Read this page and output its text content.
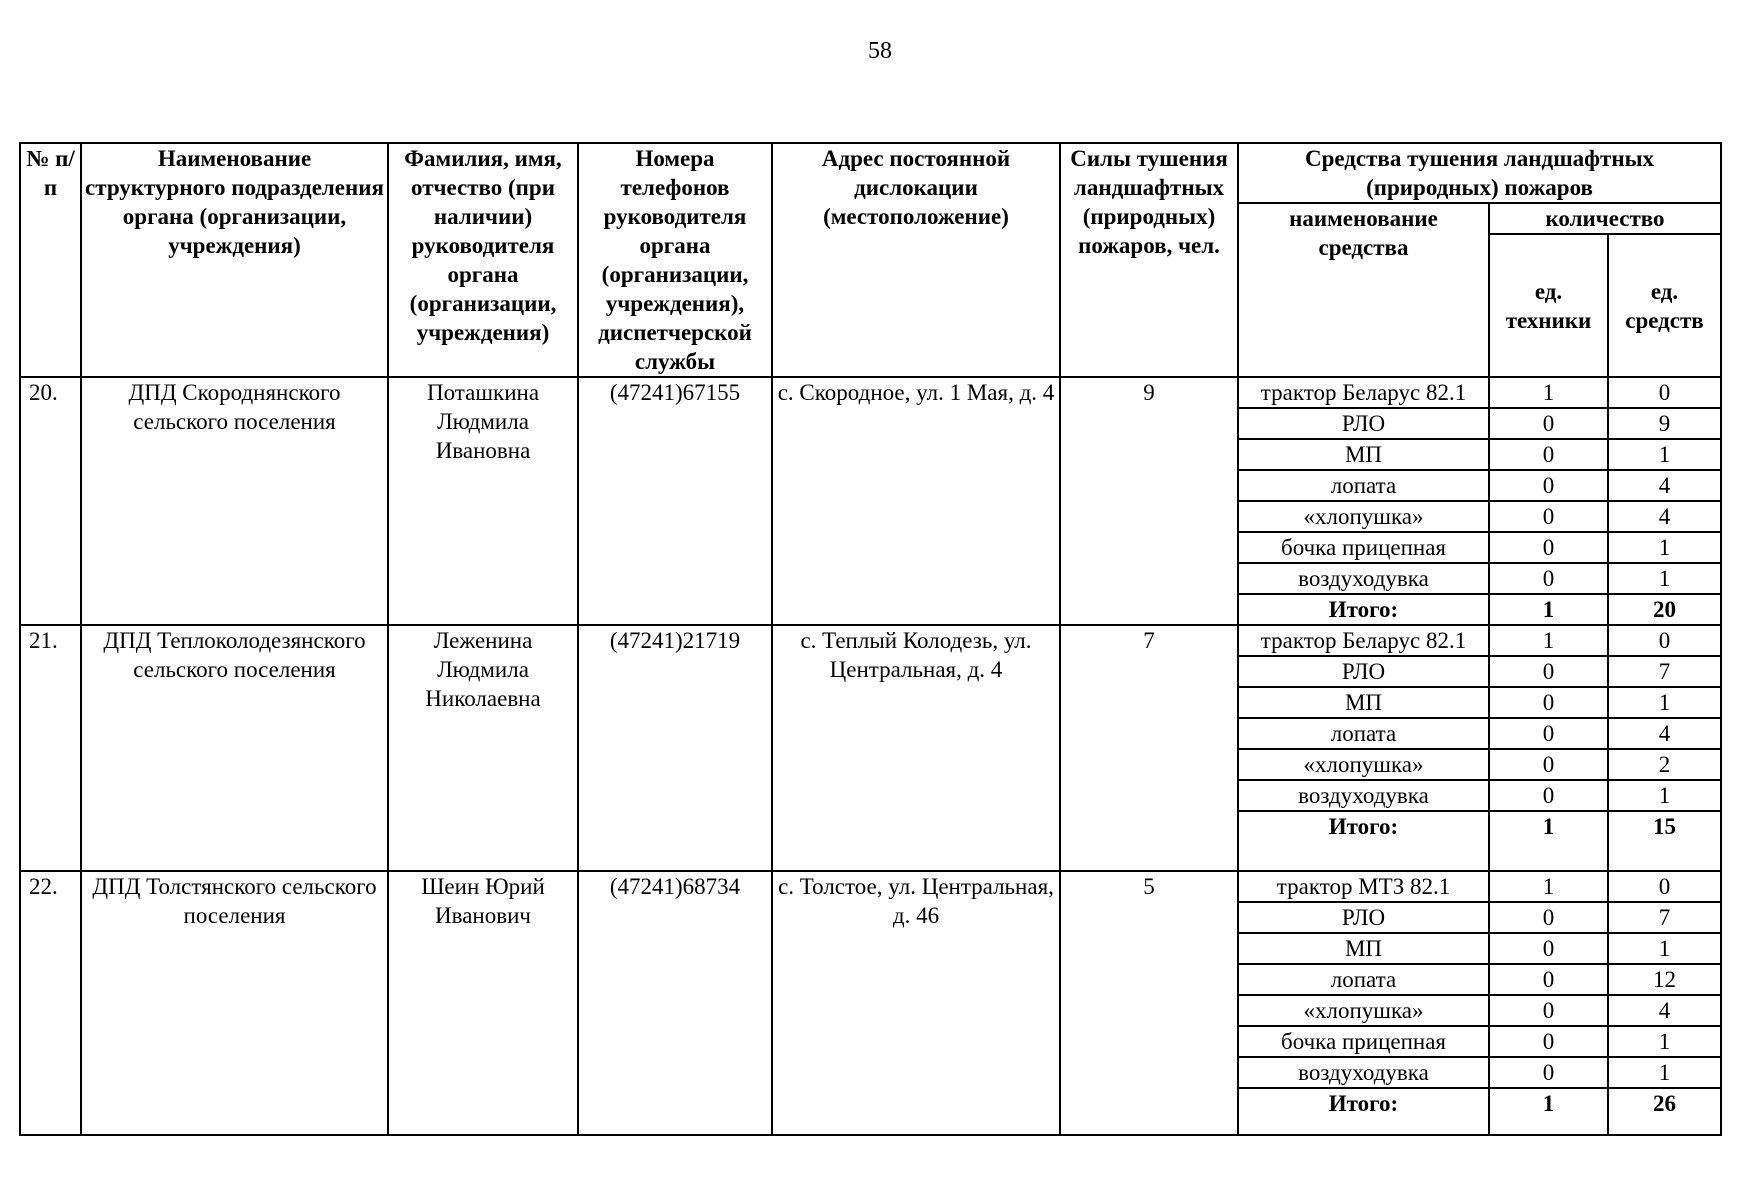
58
№ п/п	Наименование структурного подразделения органа (организации, учреждения)	Фамилия, имя, отчество (при наличии) руководителя органа (организации, учреждения)	Номера телефонов руководителя органа (организации, учреждения), диспетчерской службы	Адрес постоянной дислокации (местоположение)	Силы тушения ландшафтных (природных) пожаров, чел.	Средства тушения ландшафтных (природных) пожаров		
						наименование средства	количество	
							ед. техники	ед. средств
20.	ДПД Скороднянского сельского поселения	Поташкина Людмила Ивановна	(47241)67155	с. Скородное, ул. 1 Мая, д. 4	9	трактор Беларус 82.1	1	0
						РЛО	0	9
						МП	0	1
						лопата	0	4
						«хлопушка»	0	4
						бочка прицепная	0	1
						воздуходувка	0	1
						Итого:	1	20
21.	ДПД Теплоколодезянского сельского поселения	Леженина Людмила Николаевна	(47241)21719	с. Теплый Колодезь, ул. Центральная, д. 4	7	трактор Беларус 82.1	1	0
						РЛО	0	7
						МП	0	1
						лопата	0	4
						«хлопушка»	0	2
						воздуходувка	0	1
						Итого:	1	15
22.	ДПД Толстянского сельского поселения	Шеин Юрий Иванович	(47241)68734	с. Толстое, ул. Центральная, д. 46	5	трактор МТЗ 82.1	1	0
						РЛО	0	7
						МП	0	1
						лопата	0	12
						«хлопушка»	0	4
						бочка прицепная	0	1
						воздуходувка	0	1
						Итого:	1	26
